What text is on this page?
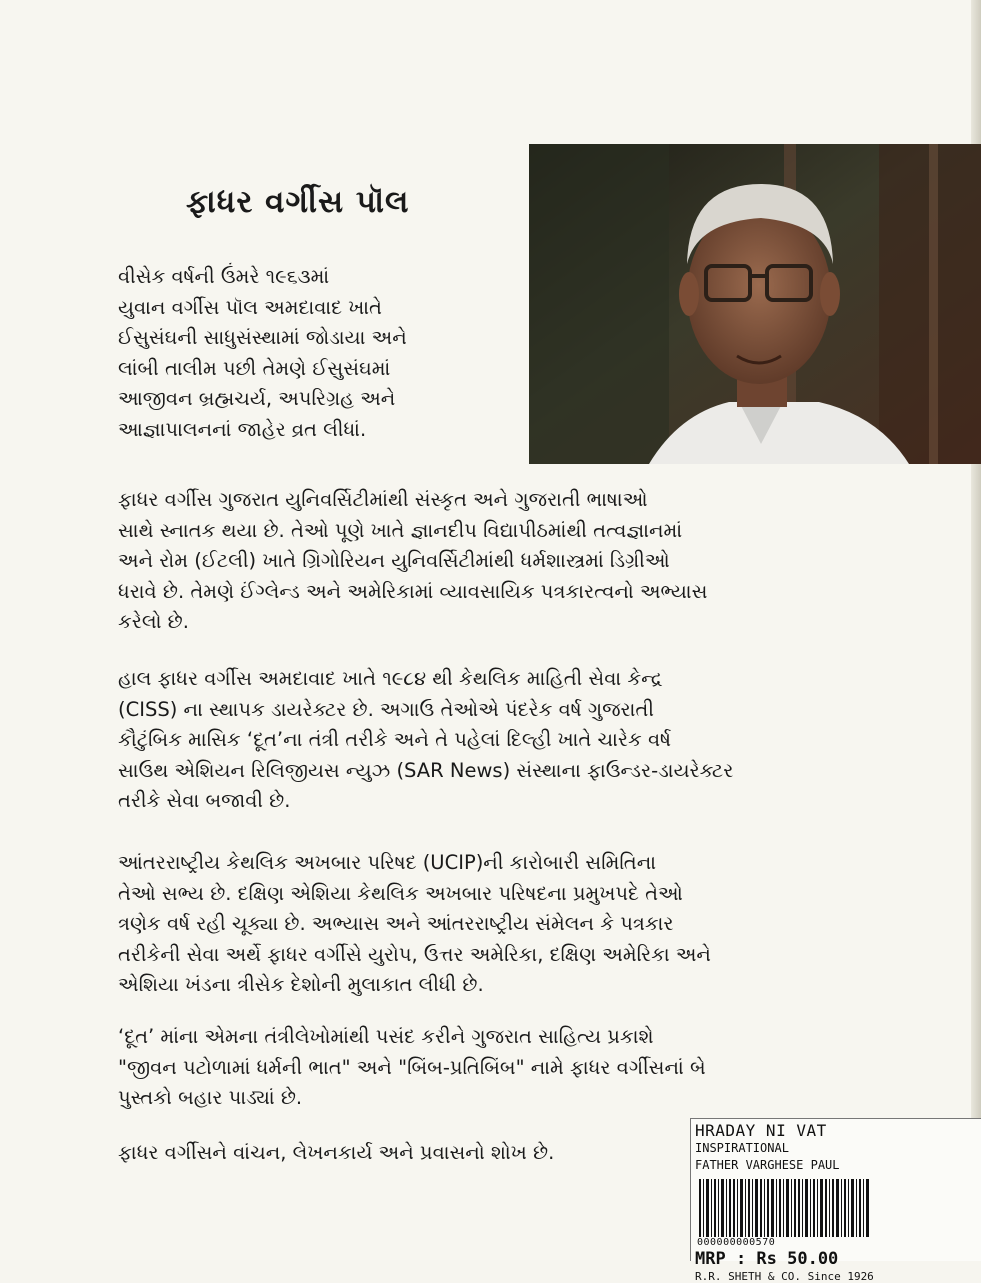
ફાધર વર્ગીસ પૉલ
વીસેક વર્ષની ઉંમરે ૧૯૬૩માં
યુવાન વર્ગીસ પૉલ અમદાવાદ ખાતે
ઈસુસંઘની સાધુસંસ્થામાં જોડાયા અને
લાંબી તાલીમ પછી તેમણે ઈસુસંઘમાં
આજીવન બ્રહ્મચર્ય, અપરિગ્રહ અને
આજ્ઞાપાલનનાં જાહેર વ્રત લીધાં.
ફાધર વર્ગીસ ગુજરાત યુનિવર્સિટીમાંથી સંસ્કૃત અને ગુજરાતી ભાષાઓ
સાથે સ્નાતક થયા છે. તેઓ પૂણે ખાતે જ્ઞાનદીપ વિદ્યાપીઠમાંથી તત્વજ્ઞાનમાં
અને રોમ (ઈટલી) ખાતે ગ્રિગોરિયન યુનિવર્સિટીમાંથી ધર્મશાસ્ત્રમાં ડિગ્રીઓ
ધરાવે છે. તેમણે ઈંગ્લેન્ડ અને અમેરિકામાં વ્યાવસાયિક પત્રકારત્વનો અભ્યાસ
કરેલો છે.
હાલ ફાધર વર્ગીસ અમદાવાદ ખાતે ૧૯૮૪ થી કેથલિક માહિતી સેવા કેન્દ્ર
(CISS) ના સ્થાપક ડાયરેક્ટર છે. અગાઉ તેઓએ પંદરેક વર્ષ ગુજરાતી
કૌટુંબિક માસિક ‘દૂત’ના તંત્રી તરીકે અને તે પહેલાં દિલ્હી ખાતે ચારેક વર્ષ
સાઉથ એશિયન રિલિજીયસ ન્યુઝ (SAR News) સંસ્થાના ફાઉન્ડર-ડાયરેક્ટર
તરીકે સેવા બજાવી છે.
આંતરરાષ્ટ્રીય કેથલિક અખબાર પરિષદ (UCIP)ની કારોબારી સમિતિના
તેઓ સભ્ય છે. દક્ષિણ એશિયા કેથલિક અખબાર પરિષદના પ્રમુખપદે તેઓ
ત્રણેક વર્ષ રહી ચૂક્યા છે. અભ્યાસ અને આંતરરાષ્ટ્રીય સંમેલન કે પત્રકાર
તરીકેની સેવા અર્થે ફાધર વર્ગીસે યુરોપ, ઉત્તર અમેરિકા, દક્ષિણ અમેરિકા અને
એશિયા ખંડના ત્રીસેક દેશોની મુલાકાત લીધી છે.
‘દૂત’ માંના એમના તંત્રીલેખોમાંથી પસંદ કરીને ગુજરાત સાહિત્ય પ્રકાશે
"જીવન પટોળામાં ધર્મની ભાત" અને "બિંબ-પ્રતિબિંબ" નામે ફાધર વર્ગીસનાં બે
પુસ્તકો બહાર પાડ્યાં છે.
ફાધર વર્ગીસને વાંચન, લેખનકાર્ય અને પ્રવાસનો શોખ છે.
HRADAY NI VAT
INSPIRATIONAL
FATHER VARGHESE PAUL
000000000570
MRP : Rs 50.00
R.R. SHETH & CO. Since 1926
